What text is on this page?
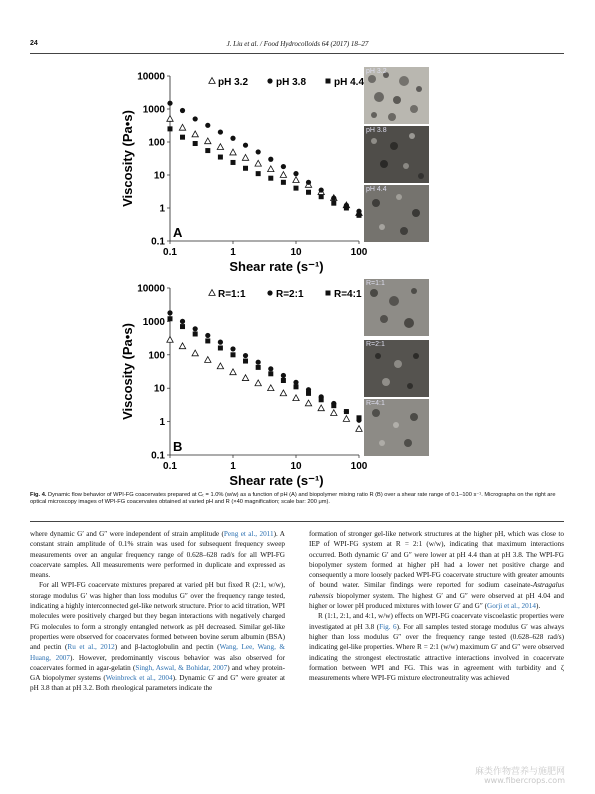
24	J. Liu et al. / Food Hydrocolloids 64 (2017) 18–27
0.1
1
10
100
1000
10000
0.1	1	10	100
Shear rate (s⁻¹)
Viscosity (Pa•s)
A
pH 3.2	pH 3.8	pH 4.4
0.1
1
10
100
1000
10000
0.1	1	10	100
Shear rate (s⁻¹)
Viscosity (Pa•s)
B
R=1:1	R=2:1	R=4:1
pH 3.2
pH 3.8
pH 4.4
R=1:1
R=2:1
R=4:1
Fig. 4. Dynamic flow behavior of WPI-FG coacervates prepared at Cₜ = 1.0% (w/w) as a function of pH (A) and biopolymer mixing ratio R (B) over a shear rate range of 0.1–100 s⁻¹. Micrographs on the right are optical microscopy images of WPI-FG coacervates obtained at varied pH and R (×40 magnification; scale bar: 200 μm).

where dynamic G′ and G″ were independent of strain amplitude (Peng et al., 2011). A constant strain amplitude of 0.1% strain was used for subsequent frequency sweep measurements over an angular frequency range of 0.628–628 rad/s for all WPI-FG coacervate samples. All measurements were performed in duplicate and expressed as means.

For all WPI-FG coacervate mixtures prepared at varied pH but fixed R (2:1, w/w), storage modulus G′ was higher than loss modulus G″ over the frequency range tested, indicating a highly interconnected gel-like network structure. Prior to acid titration, WPI molecules were positively charged but they began interactions with negatively charged FG molecules to form a strongly entangled network as pH decreased. Similar gel-like properties were observed for coacervates formed between bovine serum albumin (BSA) and pectin (Ru et al., 2012) and β-lactoglobulin and pectin (Wang, Lee, Wang, & Huang, 2007). However, predominantly viscous behavior was also observed for coacervates formed in agar-gelatin (Singh, Aswal, & Bohidar, 2007) and whey protein-GA biopolymer systems (Weinbreck et al., 2004). Dynamic G′ and G″ were greater at pH 3.8 than at pH 3.2. Both rheological parameters indicate the

formation of stronger gel-like network structures at the higher pH, which was close to IEP of WPI-FG system at R = 2:1 (w/w), indicating that maximum interactions occurred. Both dynamic G′ and G″ were lower at pH 4.4 than at pH 3.8. The WPI-FG biopolymer system formed at higher pH had a lower net positive charge and consequently a more loosely packed WPI-FG coacervate structure with greater amounts of bound water. Similar findings were reported for sodium caseinate-Astragalus rahensis biopolymer system. The highest G′ and G″ were observed at pH 4.04 and higher or lower pH produced mixtures with lower G′ and G″ (Gorji et al., 2014).

R (1:1, 2:1, and 4:1, w/w) effects on WPI-FG coacervate viscoelastic properties were investigated at pH 3.8 (Fig. 6). For all samples tested storage modulus G′ was always higher than loss modulus G″ over the frequency range tested (0.628–628 rad/s) indicating gel-like properties. Where R = 2:1 (w/w) maximum G′ and G″ were observed indicating the strongest electrostatic attractive interactions involved in coacervate formation between WPI and FG. This was in agreement with turbidity and ζ measurements where WPI-FG mixture electroneutrality was achieved

麻类作物营养与施肥网
www.fibercrops.com
